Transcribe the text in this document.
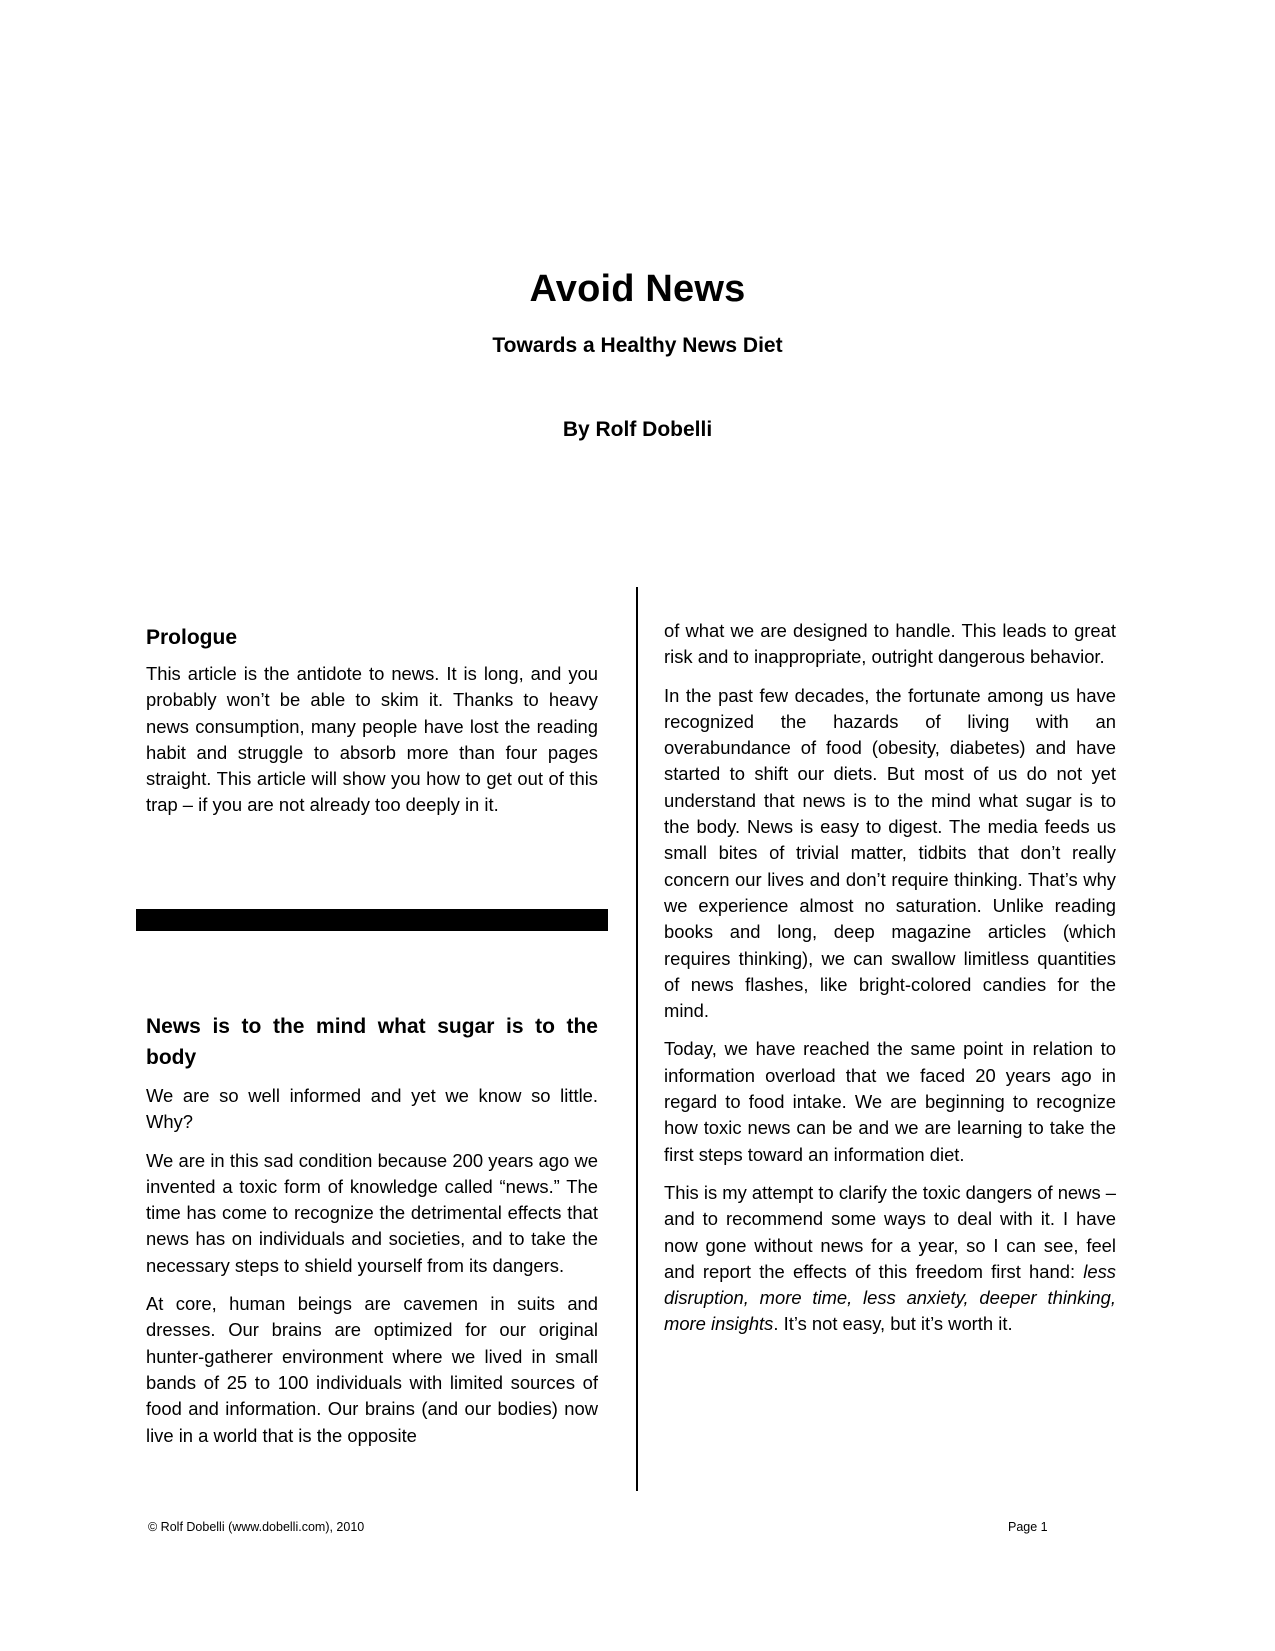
Avoid News
Towards a Healthy News Diet
By Rolf Dobelli
Prologue

This article is the antidote to news. It is long, and you probably won’t be able to skim it. Thanks to heavy news consumption, many people have lost the reading habit and struggle to absorb more than four pages straight. This article will show you how to get out of this trap – if you are not already too deeply in it.

News is to the mind what sugar is to the body

We are so well informed and yet we know so little. Why?

We are in this sad condition because 200 years ago we invented a toxic form of knowledge called “news.” The time has come to recognize the detrimental effects that news has on individuals and societies, and to take the necessary steps to shield yourself from its dangers.

At core, human beings are cavemen in suits and dresses. Our brains are optimized for our original hunter-gatherer environment where we lived in small bands of 25 to 100 individuals with limited sources of food and information. Our brains (and our bodies) now live in a world that is the opposite

of what we are designed to handle. This leads to great risk and to inappropriate, outright dangerous behavior.

In the past few decades, the fortunate among us have recognized the hazards of living with an overabundance of food (obesity, diabetes) and have started to shift our diets. But most of us do not yet understand that news is to the mind what sugar is to the body. News is easy to digest. The media feeds us small bites of trivial matter, tidbits that don’t really concern our lives and don’t require thinking. That’s why we experience almost no saturation. Unlike reading books and long, deep magazine articles (which requires thinking), we can swallow limitless quantities of news flashes, like bright-colored candies for the mind.

Today, we have reached the same point in relation to information overload that we faced 20 years ago in regard to food intake. We are beginning to recognize how toxic news can be and we are learning to take the first steps toward an information diet.

This is my attempt to clarify the toxic dangers of news – and to recommend some ways to deal with it. I have now gone without news for a year, so I can see, feel and report the effects of this freedom first hand: less disruption, more time, less anxiety, deeper thinking, more insights. It’s not easy, but it’s worth it.

© Rolf Dobelli (www.dobelli.com), 2010	Page 1
